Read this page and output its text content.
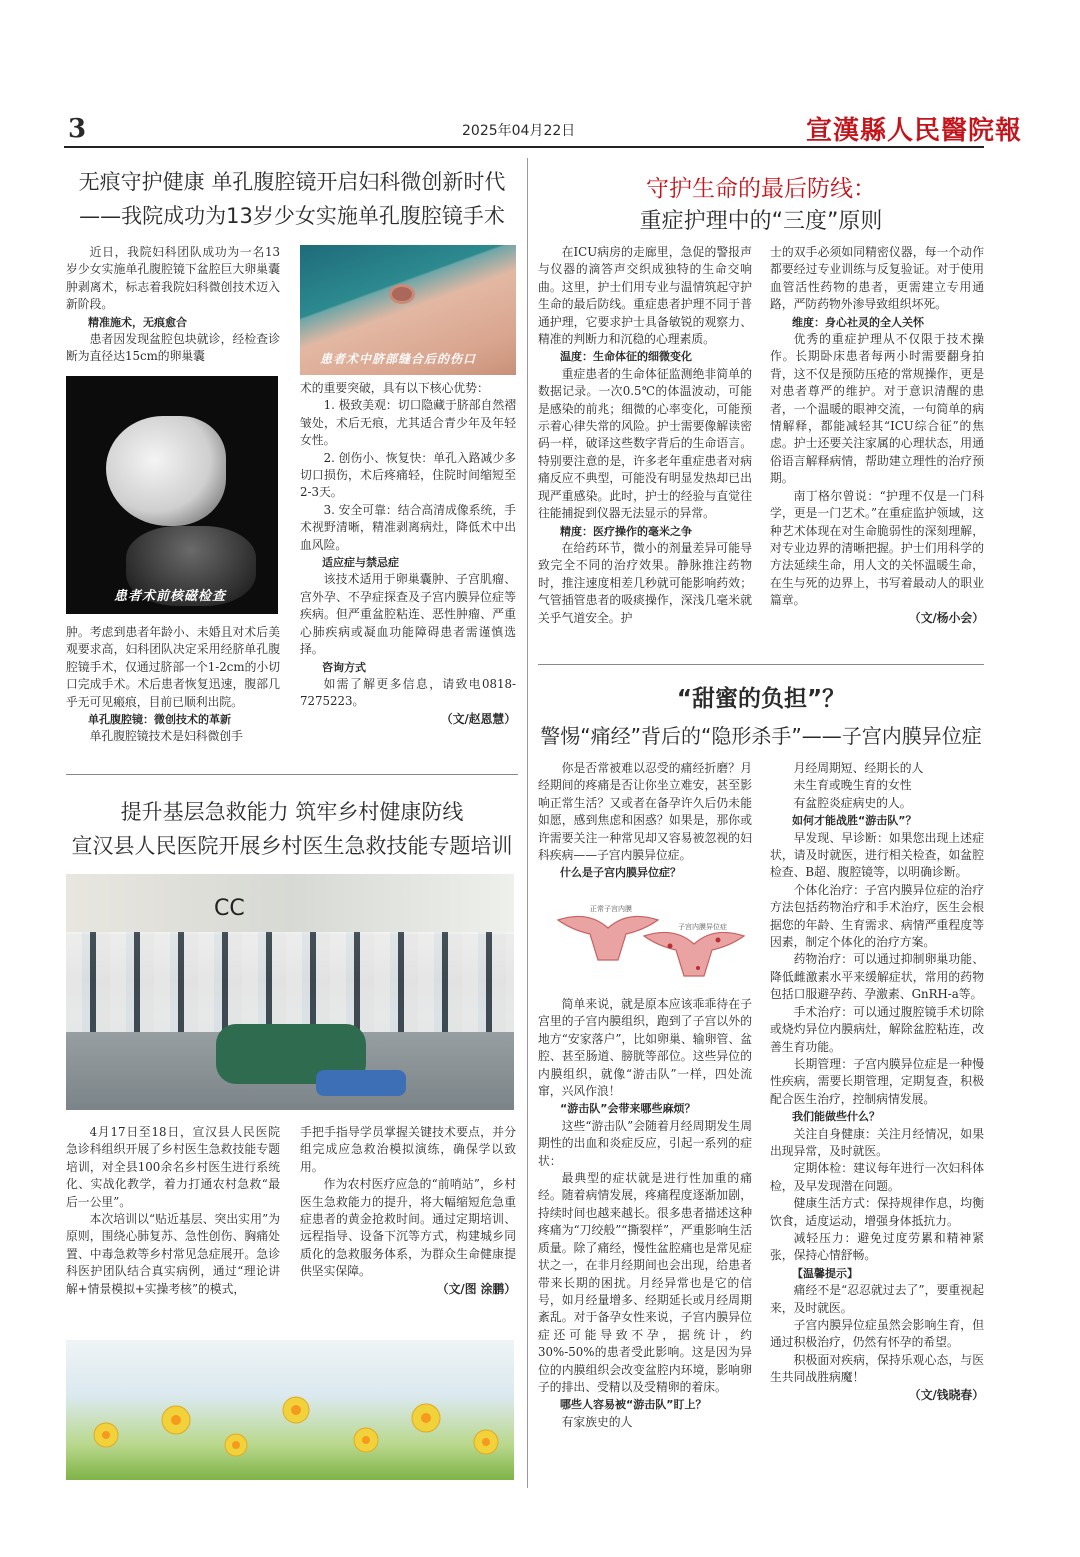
3	2025年04月22日	宣漢縣人民醫院報
无痕守护健康 单孔腹腔镜开启妇科微创新时代
——我院成功为13岁少女实施单孔腹腔镜手术

近日，我院妇科团队成功为一名13岁少女实施单孔腹腔镜下盆腔巨大卵巢囊肿剥离术，标志着我院妇科微创技术迈入新阶段。

精准施术，无痕愈合

患者因发现盆腔包块就诊，经检查诊断为直径达15cm的卵巢囊	患者术中脐部缝合后的伤口
患者术前核磁检查

肿。考虑到患者年龄小、未婚且对术后美观要求高，妇科团队决定采用经脐单孔腹腔镜手术，仅通过脐部一个1-2cm的小切口完成手术。术后患者恢复迅速，腹部几乎无可见瘢痕，目前已顺利出院。

单孔腹腔镜：微创技术的革新

单孔腹腔镜技术是妇科微创手

术的重要突破，具有以下核心优势：

1. 极致美观：切口隐藏于脐部自然褶皱处，术后无痕，尤其适合青少年及年轻女性。

2. 创伤小、恢复快：单孔入路减少多切口损伤，术后疼痛轻，住院时间缩短至2-3天。

3. 安全可靠：结合高清成像系统，手术视野清晰，精准剥离病灶，降低术中出血风险。

适应症与禁忌症

该技术适用于卵巢囊肿、子宫肌瘤、宫外孕、不孕症探查及子宫内膜异位症等疾病。但严重盆腔粘连、恶性肿瘤、严重心肺疾病或凝血功能障碍患者需谨慎选择。

咨询方式

如需了解更多信息，请致电0818-7275223。

（文/赵恩慧）

守护生命的最后防线：
重症护理中的“三度”原则

在ICU病房的走廊里，急促的警报声与仪器的滴答声交织成独特的生命交响曲。这里，护士们用专业与温情筑起守护生命的最后防线。重症患者护理不同于普通护理，它要求护士具备敏锐的观察力、精准的判断力和沉稳的心理素质。

温度：生命体征的细微变化

重症患者的生命体征监测绝非简单的数据记录。一次0.5℃的体温波动，可能是感染的前兆；细微的心率变化，可能预示着心律失常的风险。护士需要像解读密码一样，破译这些数字背后的生命语言。特别要注意的是，许多老年重症患者对病痛反应不典型，可能没有明显发热却已出现严重感染。此时，护士的经验与直觉往往能捕捉到仪器无法显示的异常。

精度：医疗操作的毫米之争

在给药环节，微小的剂量差异可能导致完全不同的治疗效果。静脉推注药物时，推注速度相差几秒就可能影响药效；气管插管患者的吸痰操作，深浅几毫米就关乎气道安全。护

士的双手必须如同精密仪器，每一个动作都要经过专业训练与反复验证。对于使用血管活性药物的患者，更需建立专用通路，严防药物外渗导致组织坏死。

维度：身心社灵的全人关怀

优秀的重症护理从不仅限于技术操作。长期卧床患者每两小时需要翻身拍背，这不仅是预防压疮的常规操作，更是对患者尊严的维护。对于意识清醒的患者，一个温暖的眼神交流，一句简单的病情解释，都能减轻其“ICU综合征”的焦虑。护士还要关注家属的心理状态，用通俗语言解释病情，帮助建立理性的治疗预期。

南丁格尔曾说：“护理不仅是一门科学，更是一门艺术。”在重症监护领域，这种艺术体现在对生命脆弱性的深刻理解，对专业边界的清晰把握。护士们用科学的方法延续生命，用人文的关怀温暖生命，在生与死的边界上，书写着最动人的职业篇章。

（文/杨小会）

提升基层急救能力 筑牢乡村健康防线
宣汉县人民医院开展乡村医生急救技能专题培训
CC

4月17日至18日，宣汉县人民医院急诊科组织开展了乡村医生急救技能专题培训，对全县100余名乡村医生进行系统化、实战化教学，着力打通农村急救“最后一公里”。

本次培训以“贴近基层、突出实用”为原则，围绕心肺复苏、急性创伤、胸痛处置、中毒急救等乡村常见急症展开。急诊科医护团队结合真实病例，通过“理论讲解+情景模拟+实操考核”的模式，

手把手指导学员掌握关键技术要点，并分组完成应急救治模拟演练，确保学以致用。

作为农村医疗应急的“前哨站”，乡村医生急救能力的提升，将大幅缩短危急重症患者的黄金抢救时间。通过定期培训、远程指导、设备下沉等方式，构建城乡同质化的急救服务体系，为群众生命健康提供坚实保障。

（文/图 涂鹏）

“甜蜜的负担”？
警惕“痛经”背后的“隐形杀手”——子宫内膜异位症

你是否常被难以忍受的痛经折磨？月经期间的疼痛是否让你坐立难安，甚至影响正常生活？又或者在备孕许久后仍未能如愿，感到焦虑和困惑？如果是，那你或许需要关注一种常见却又容易被忽视的妇科疾病——子宫内膜异位症。

什么是子宫内膜异位症？

正常子宫内膜
子宫内膜异位症

简单来说，就是原本应该乖乖待在子宫里的子宫内膜组织，跑到了子宫以外的地方“安家落户”，比如卵巢、输卵管、盆腔、甚至肠道、膀胱等部位。这些异位的内膜组织，就像“游击队”一样，四处流窜，兴风作浪！

“游击队”会带来哪些麻烦？

这些“游击队”会随着月经周期发生周期性的出血和炎症反应，引起一系列的症状：

最典型的症状就是进行性加重的痛经。随着病情发展，疼痛程度逐渐加剧，持续时间也越来越长。很多患者描述这种疼痛为“刀绞般”“撕裂样”，严重影响生活质量。除了痛经，慢性盆腔痛也是常见症状之一，在非月经期间也会出现，给患者带来长期的困扰。月经异常也是它的信号，如月经量增多、经期延长或月经周期紊乱。对于备孕女性来说，子宫内膜异位症还可能导致不孕，据统计，约30%-50%的患者受此影响。这是因为异位的内膜组织会改变盆腔内环境，影响卵子的排出、受精以及受精卵的着床。

哪些人容易被“游击队”盯上？

有家族史的人

月经周期短、经期长的人

未生育或晚生育的女性

有盆腔炎症病史的人。

如何才能战胜“游击队”？

早发现、早诊断：如果您出现上述症状，请及时就医，进行相关检查，如盆腔检查、B超、腹腔镜等，以明确诊断。

个体化治疗：子宫内膜异位症的治疗方法包括药物治疗和手术治疗，医生会根据您的年龄、生育需求、病情严重程度等因素，制定个体化的治疗方案。

药物治疗：可以通过抑制卵巢功能、降低雌激素水平来缓解症状，常用的药物包括口服避孕药、孕激素、GnRH-a等。

手术治疗：可以通过腹腔镜手术切除或烧灼异位内膜病灶，解除盆腔粘连，改善生育功能。

长期管理：子宫内膜异位症是一种慢性疾病，需要长期管理，定期复查，积极配合医生治疗，控制病情发展。

我们能做些什么？

关注自身健康：关注月经情况，如果出现异常，及时就医。

定期体检：建议每年进行一次妇科体检，及早发现潜在问题。

健康生活方式：保持规律作息，均衡饮食，适度运动，增强身体抵抗力。

减轻压力：避免过度劳累和精神紧张，保持心情舒畅。

【温馨提示】

痛经不是“忍忍就过去了”，要重视起来，及时就医。

子宫内膜异位症虽然会影响生育，但通过积极治疗，仍然有怀孕的希望。

积极面对疾病，保持乐观心态，与医生共同战胜病魔！

（文/钱晓春）
